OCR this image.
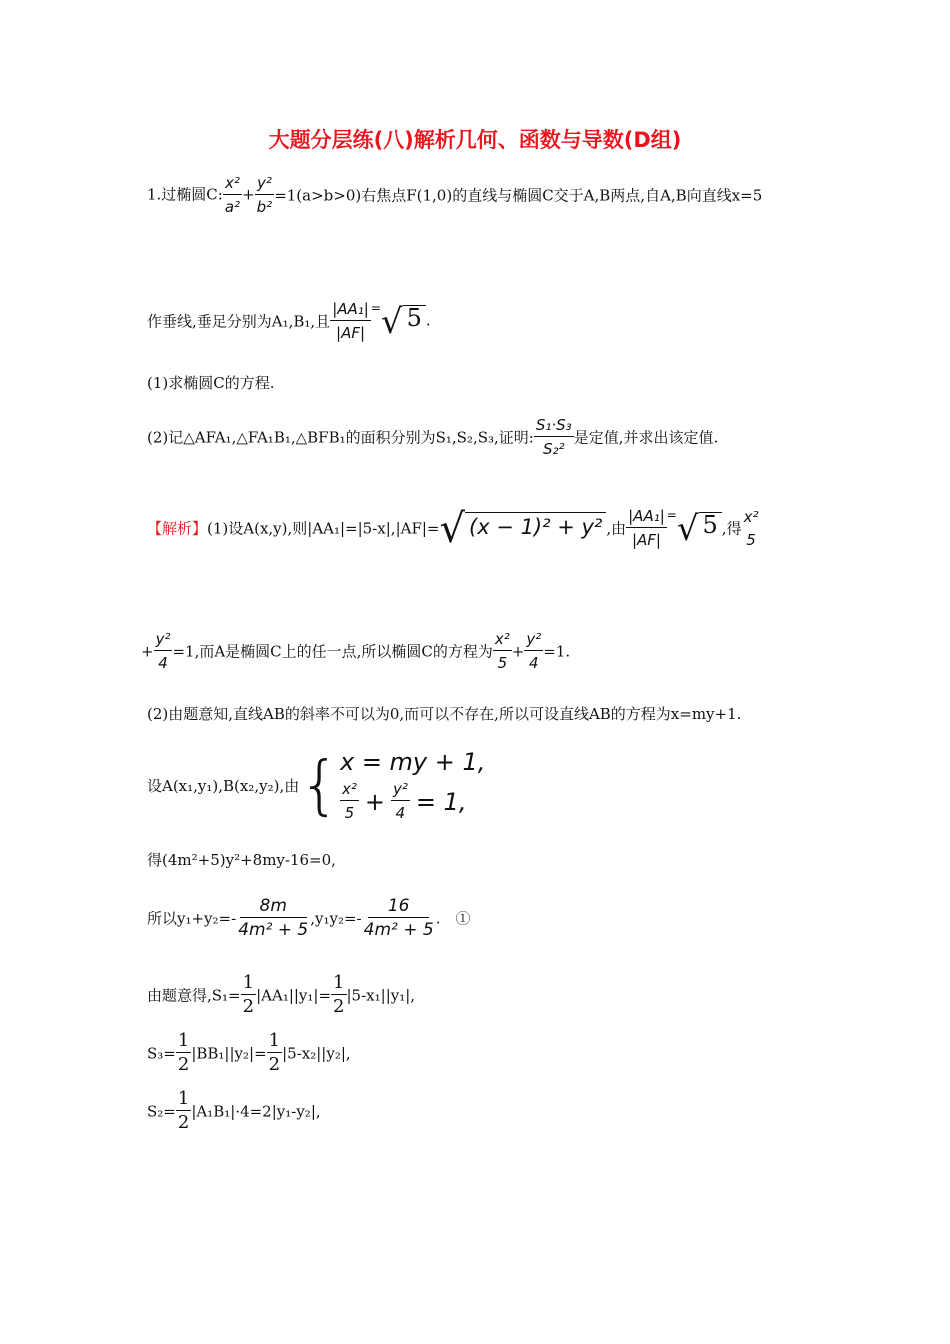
大题分层练(八)解析几何、函数与导数(D组)
1.过椭圆C: $\frac{\text{x²}}{\text{a²}} + \frac{\text{y²}}{\text{b²}} =1(a>b>0)$右焦点F(1,0)的直线与椭圆C交于A,B两点,自A,B向直线x=5
作垂线,垂足分别为A₁,B₁,且 $\frac{\text{|AA₁|}}{|AF|} ^=$ √ 5 .
(1)求椭圆C的方程.
(2)记△AFA₁,△FA₁B₁,△BFB₁的面积分别为S₁,S₂,S₃,证明: $\frac{\text{S₁·S₃}}{\text{S₂²}}$ 是定值,并求出该定值.
【解析】(1)设A(x,y),则|AA₁|=|5-x|,|AF|= √ (x − 1)² + y² ,由 $\frac{\text{|AA₁|}}{|AF|} ^=$ √ 5 ,得
x²
5
+ $\frac{\text{y²}}{4} =1$,而A是椭圆C上的任一点,所以椭圆C的方程为 $\frac{\text{x²}}{5} + \frac{\text{y²}}{4} =1$.
(2)由题意知,直线AB的斜率不可以为0,而可以不存在,所以可设直线AB的方程为x=my+1.
设A(x₁,y₁),B(x₂,y₂),由 { x = my + 1,
$\frac{\text{x²}}{5} + \frac{\text{y²}}{4} = 1$,
得(4m²+5)y²+8my-16=0,
所以$y_1+y_2=- \frac{8m}{\text{4m² + 5}} ,y_1y_2=- \frac{16}{\text{4m² + 5}}$ .　①
由题意得$,S_1= \frac{1}{2} |AA_1||y_1|= \frac{1}{2} |5-x_1||y_1|$,
$S_3= \frac{1}{2} |BB_1||y_2|= \frac{1}{2} |5-x_2||y_2|$,
$S_2= \frac{1}{2} |A_1B_1|\cdot 4=2|y_1-y_2|$,
